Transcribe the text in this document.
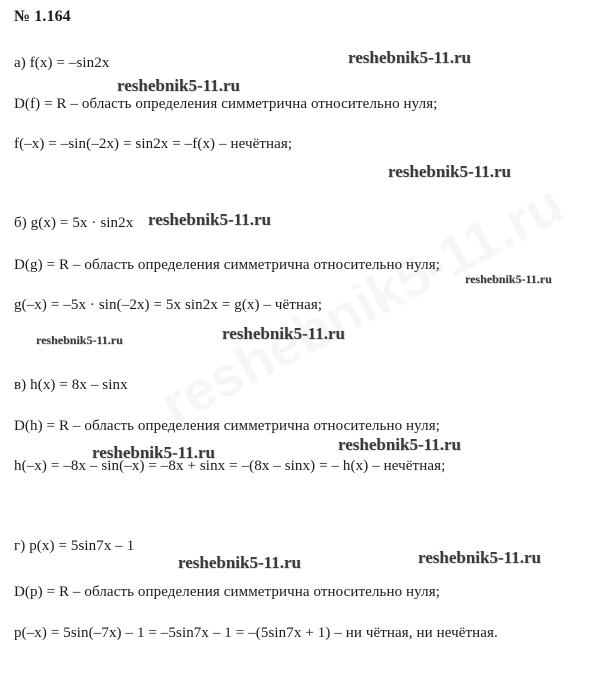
№ 1.164
а) f(x) = –sin2x
D(f) = R – область определения симметрична относительно нуля;
f(–x) = –sin(–2x) = sin2x = –f(x) – нечётная;
б) g(x) = 5x · sin2x
D(g) = R – область определения симметрична относительно нуля;
g(–x) = –5x · sin(–2x) = 5x sin2x = g(x) – чётная;
в) h(x) = 8x – sinx
D(h) = R – область определения симметрична относительно нуля;
h(–x) = –8x – sin(–x) = –8x + sinx = –(8x – sinx) = – h(x) – нечётная;
г) p(x) = 5sin7x – 1
D(p) = R – область определения симметрична относительно нуля;
p(–x) = 5sin(–7x) – 1 = –5sin7x – 1 = –(5sin7x + 1) – ни чётная, ни нечётная.
reshebnik5-11.ru
reshebnik5-11.ru
reshebnik5-11.ru
reshebnik5-11.ru
reshebnik5-11.ru
reshebnik5-11.ru	reshebnik5-11.ru
reshebnik5-11.ru	reshebnik5-11.ru
reshebnik5-11.ru	reshebnik5-11.ru
